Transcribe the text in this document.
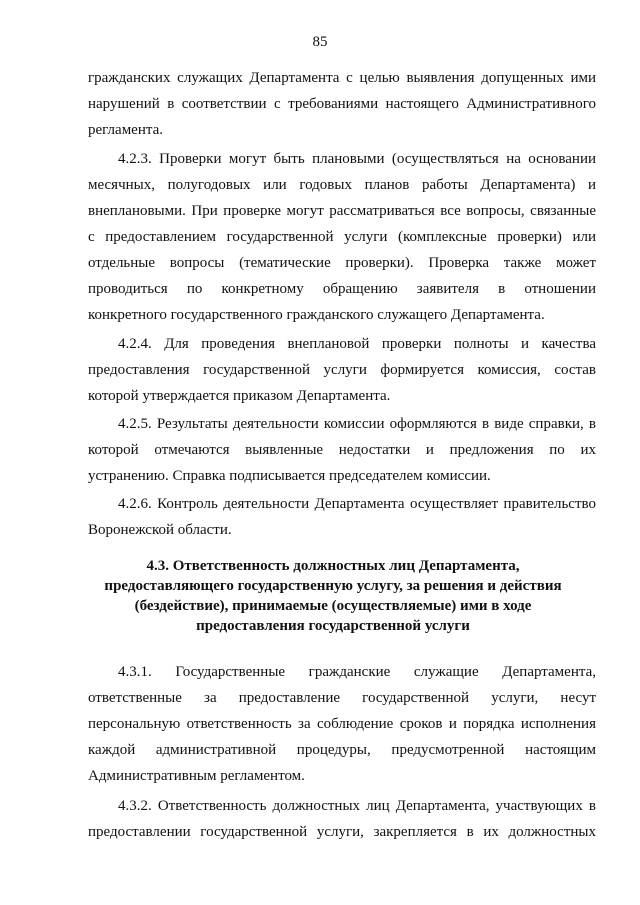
85
гражданских служащих Департамента с целью выявления допущенных ими
нарушений в соответствии с требованиями настоящего Административного
регламента.
4.2.3. Проверки могут быть плановыми (осуществляться на основании
месячных, полугодовых или годовых планов работы Департамента) и
внеплановыми. При проверке могут рассматриваться все вопросы, связанные
с предоставлением государственной услуги (комплексные проверки) или
отдельные вопросы (тематические проверки). Проверка также может
проводиться по конкретному обращению заявителя в отношении
конкретного государственного гражданского служащего Департамента.
4.2.4. Для проведения внеплановой проверки полноты и качества
предоставления государственной услуги формируется комиссия, состав
которой утверждается приказом Департамента.
4.2.5. Результаты деятельности комиссии оформляются в виде справки, в
которой отмечаются выявленные недостатки и предложения по их
устранению. Справка подписывается председателем комиссии.
4.2.6. Контроль деятельности Департамента осуществляет правительство
Воронежской области.
4.3. Ответственность должностных лиц Департамента,
предоставляющего государственную услугу, за решения и действия
(бездействие), принимаемые (осуществляемые) ими в ходе
предоставления государственной услуги
4.3.1. Государственные гражданские служащие Департамента,
ответственные за предоставление государственной услуги, несут
персональную ответственность за соблюдение сроков и порядка исполнения
каждой административной процедуры, предусмотренной настоящим
Административным регламентом.
4.3.2. Ответственность должностных лиц Департамента, участвующих в
предоставлении государственной услуги, закрепляется в их должностных
